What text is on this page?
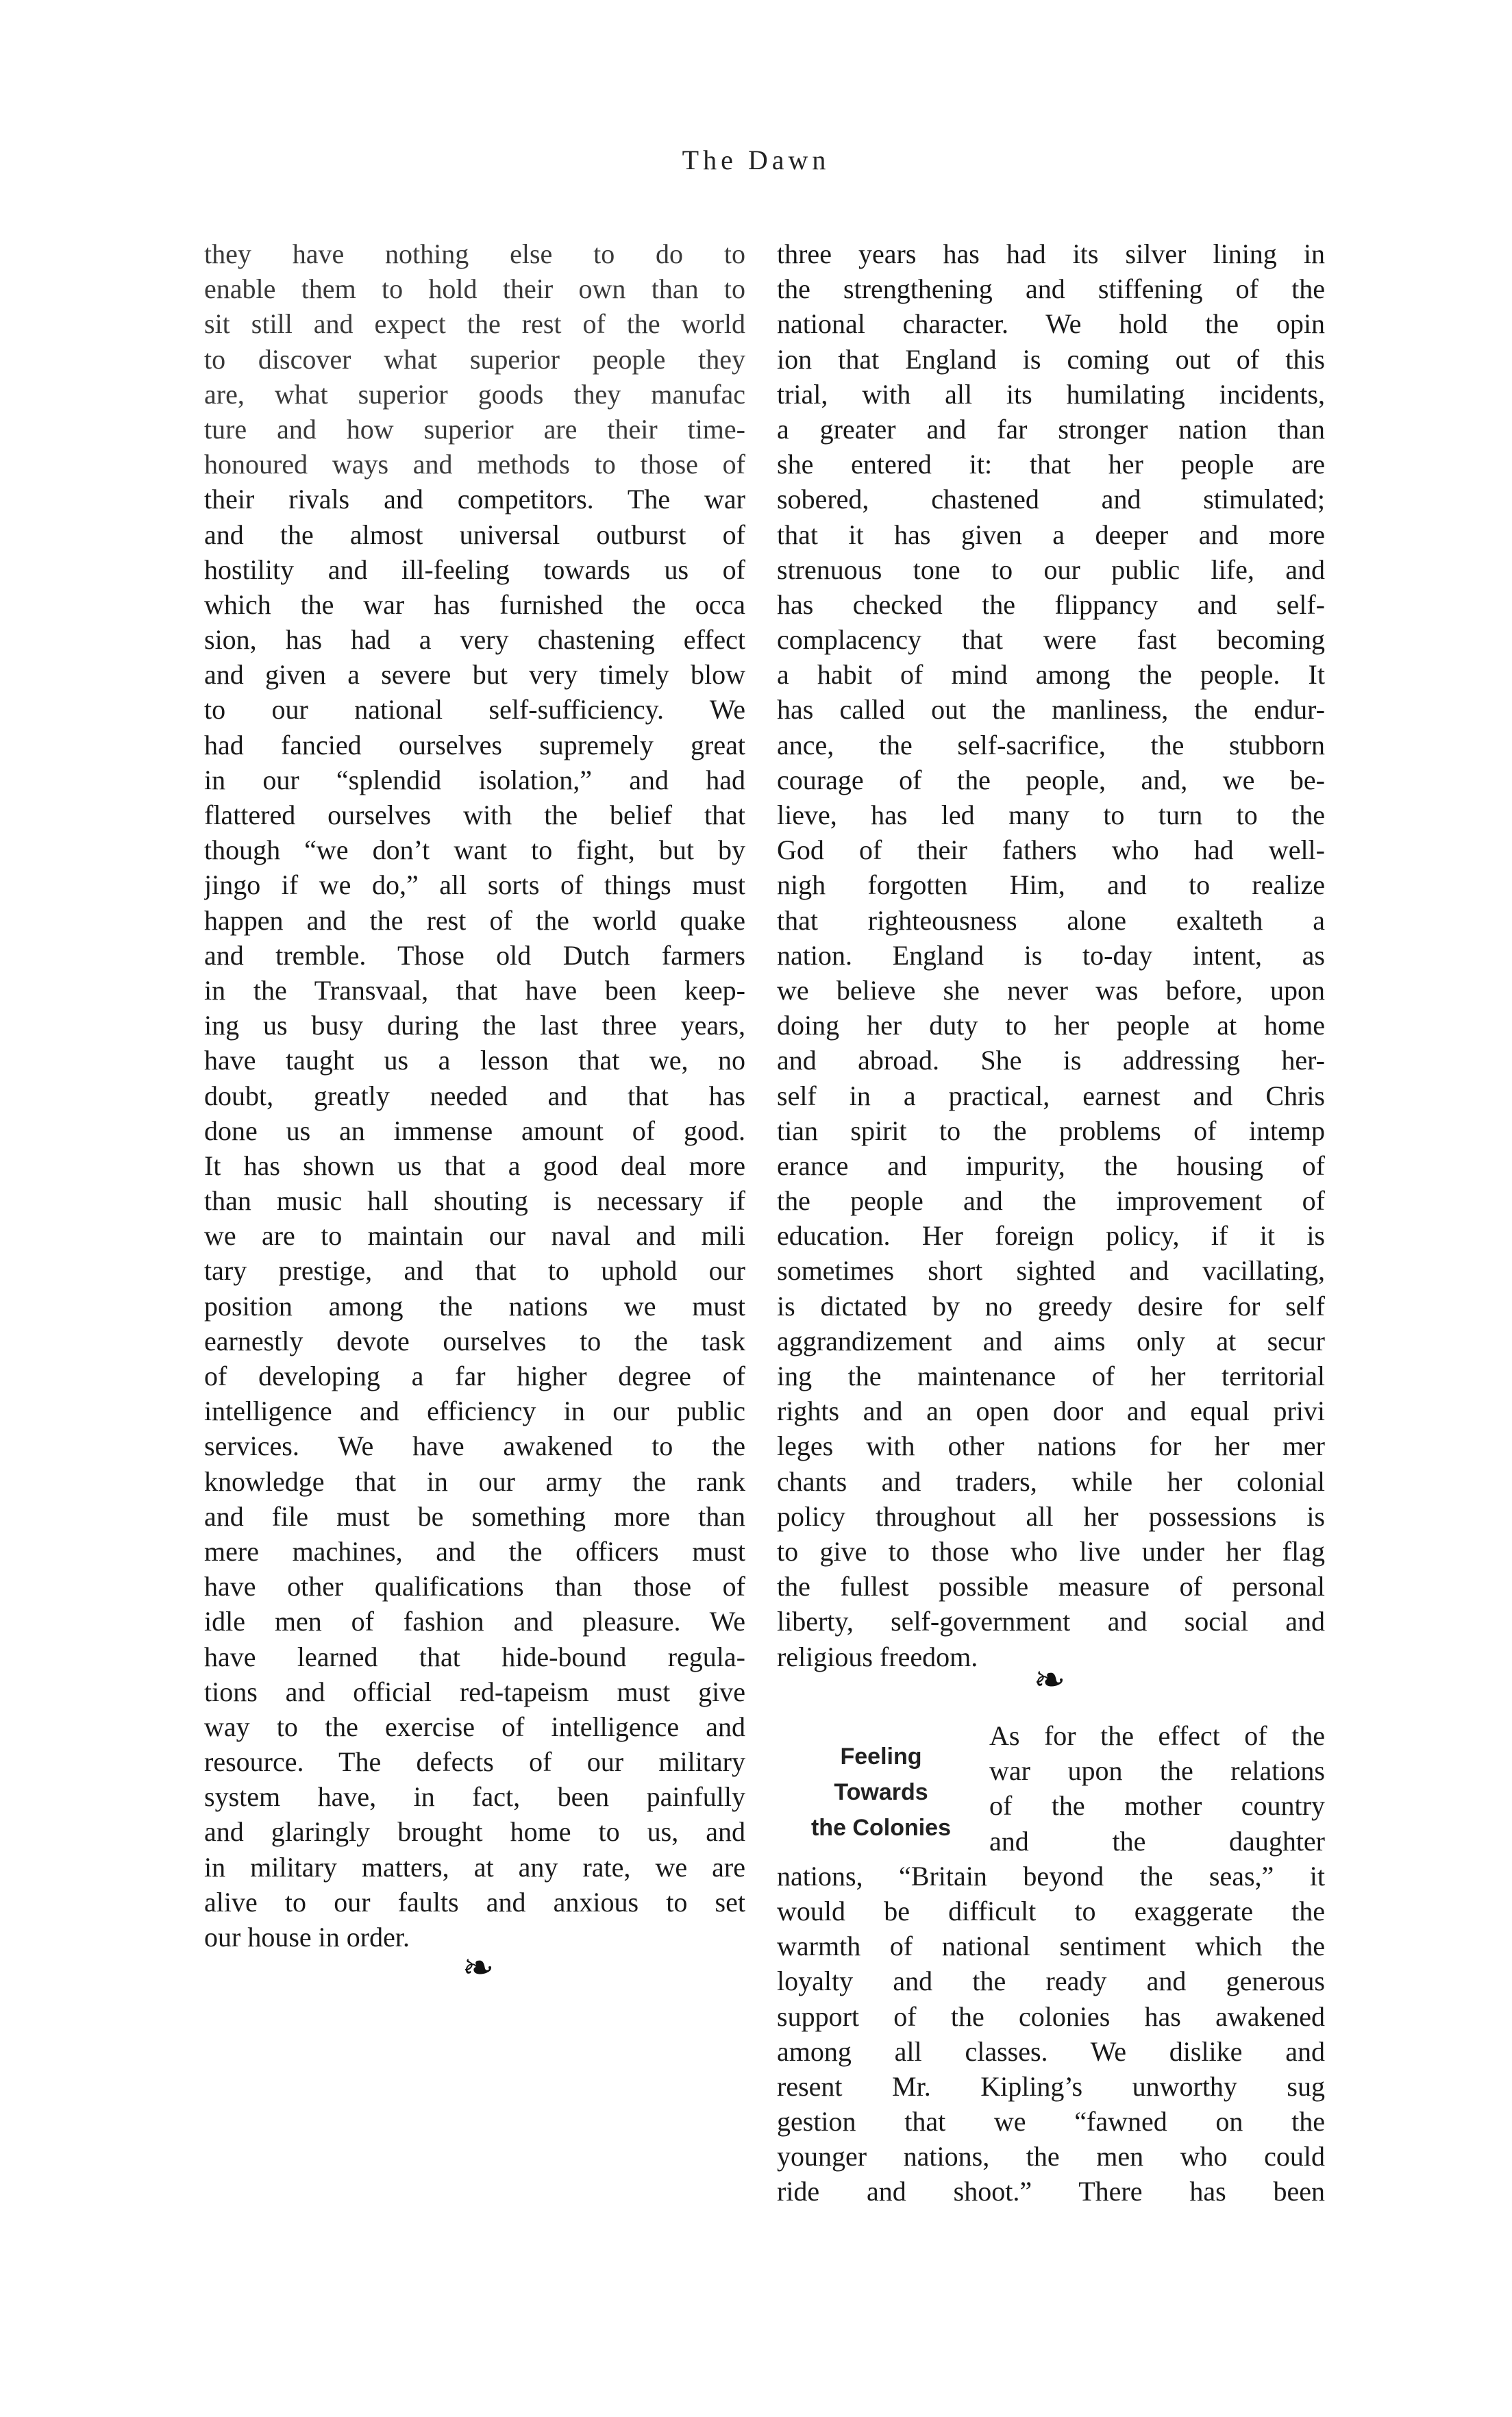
The Dawn
they have nothing else to do to
enable them to hold their own than to
sit still and expect the rest of the world
to discover what superior people they
are, what superior goods they manufac
ture and how superior are their time-
honoured ways and methods to those of
their rivals and competitors. The war
and the almost universal outburst of
hostility and ill-feeling towards us of
which the war has furnished the occa
sion, has had a very chastening effect
and given a severe but very timely blow
to our national self-sufficiency. We
had fancied ourselves supremely great
in our “splendid isolation,” and had
flattered ourselves with the belief that
though “we don’t want to fight, but by
jingo if we do,” all sorts of things must
happen and the rest of the world quake
and tremble. Those old Dutch farmers
in the Transvaal, that have been keep-
ing us busy during the last three years,
have taught us a lesson that we, no
doubt, greatly needed and that has
done us an immense amount of good.
It has shown us that a good deal more
than music hall shouting is necessary if
we are to maintain our naval and mili
tary prestige, and that to uphold our
position among the nations we must
earnestly devote ourselves to the task
of developing a far higher degree of
intelligence and efficiency in our public
services. We have awakened to the
knowledge that in our army the rank
and file must be something more than
mere machines, and the officers must
have other qualifications than those of
idle men of fashion and pleasure. We
have learned that hide-bound regula-
tions and official red-tapeism must give
way to the exercise of intelligence and
resource. The defects of our military
system have, in fact, been painfully
and glaringly brought home to us, and
in military matters, at any rate, we are
alive to our faults and anxious to set
our house in order.
❧
three years has had its silver lining in
the strengthening and stiffening of the
national character. We hold the opin
ion that England is coming out of this
trial, with all its humilating incidents,
a greater and far stronger nation than
she entered it: that her people are
sobered, chastened and stimulated;
that it has given a deeper and more
strenuous tone to our public life, and
has checked the flippancy and self-
complacency that were fast becoming
a habit of mind among the people. It
has called out the manliness, the endur-
ance, the self-sacrifice, the stubborn
courage of the people, and, we be-
lieve, has led many to turn to the
God of their fathers who had well-
nigh forgotten Him, and to realize
that righteousness alone exalteth a
nation. England is to-day intent, as
we believe she never was before, upon
doing her duty to her people at home
and abroad. She is addressing her-
self in a practical, earnest and Chris
tian spirit to the problems of intemp
erance and impurity, the housing of
the people and the improvement of
education. Her foreign policy, if it is
sometimes short sighted and vacillating,
is dictated by no greedy desire for self
aggrandizement and aims only at secur
ing the maintenance of her territorial
rights and an open door and equal privi
leges with other nations for her mer
chants and traders, while her colonial
policy throughout all her possessions is
to give to those who live under her flag
the fullest possible measure of personal
liberty, self-government and social and
religious freedom.
❧
Feeling
Towards
the Colonies
As for the effect of the
war upon the relations
of the mother country
and the daughter
nations, “Britain beyond the seas,” it
would be difficult to exaggerate the
warmth of national sentiment which the
loyalty and the ready and generous
support of the colonies has awakened
among all classes. We dislike and
resent Mr. Kipling’s unworthy sug
gestion that we “fawned on the
younger nations, the men who could
ride and shoot.” There has been
